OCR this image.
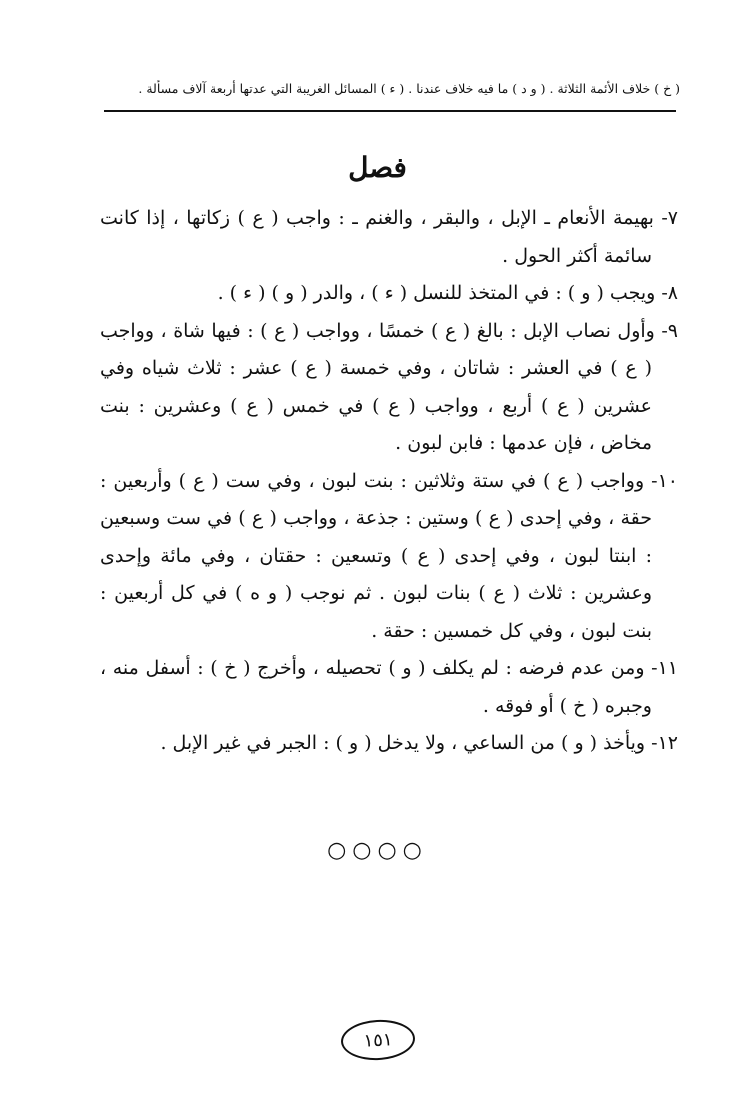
( خ ) خلاف الأئمة الثلاثة . ( و د ) ما فيه خلاف عندنا . ( ء ) المسائل الغريبة التي عدتها أربعة آلاف مسألة .
فصل

٧- بهيمة الأنعام ـ الإبل ، والبقر ، والغنم ـ : واجب ( ع ) زكاتها ، إذا كانت سائمة أكثر الحول .

٨- ويجب ( و ) : في المتخذ للنسل ( ء ) ، والدر ( و ) ( ء ) .

٩- وأول نصاب الإبل : بالغ ( ع ) خمسًا ، وواجب ( ع ) : فيها شاة ، وواجب ( ع ) في العشر : شاتان ، وفي خمسة ( ع ) عشر : ثلاث شياه وفي عشرين ( ع ) أربع ، وواجب ( ع ) في خمس ( ع ) وعشرين : بنت مخاض ، فإن عدمها : فابن لبون .

١٠- وواجب ( ع ) في ستة وثلاثين : بنت لبون ، وفي ست ( ع ) وأربعين : حقة ، وفي إحدى ( ع ) وستين : جذعة ، وواجب ( ع ) في ست وسبعين : ابنتا لبون ، وفي إحدى ( ع ) وتسعين : حقتان ، وفي مائة وإحدى وعشرين : ثلاث ( ع ) بنات لبون . ثم نوجب ( و ه ) في كل أربعين : بنت لبون ، وفي كل خمسين : حقة .

١١- ومن عدم فرضه : لم يكلف ( و ) تحصيله ، وأخرج ( خ ) : أسفل منه ، وجبره ( خ ) أو فوقه .

١٢- ويأخذ ( و ) من الساعي ، ولا يدخل ( و ) : الجبر في غير الإبل .

○○○○
١٥١
